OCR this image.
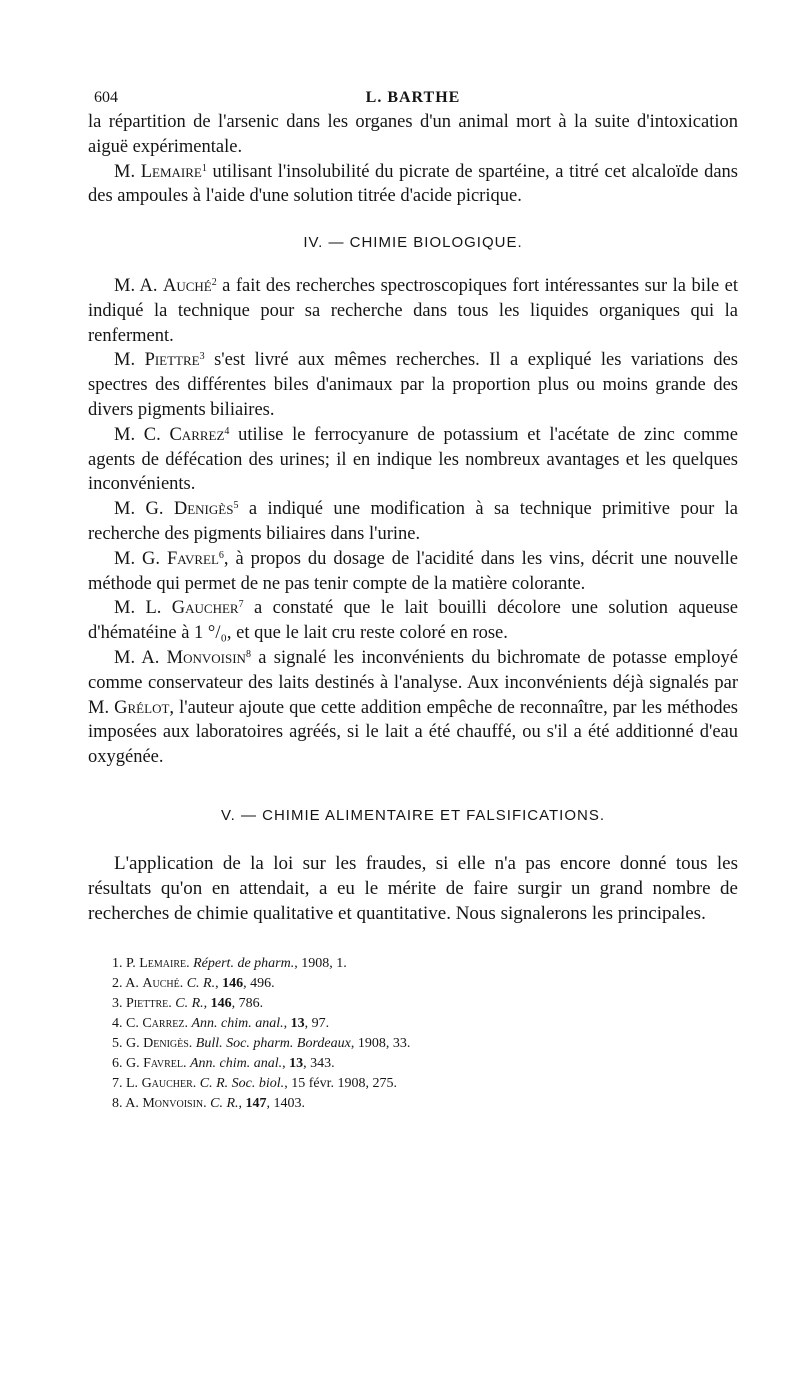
604	L. BARTHE

la répartition de l'arsenic dans les organes d'un animal mort à la suite d'intoxication aiguë expérimentale.

M. Lemaire$^1$ utilisant l'insolubilité du picrate de spartéine, a titré cet alcaloïde dans des ampoules à l'aide d'une solution titrée d'acide picrique.

IV. — CHIMIE BIOLOGIQUE.

M. A. Auché$^2$ a fait des recherches spectroscopiques fort intéressantes sur la bile et indiqué la technique pour sa recherche dans tous les liquides organiques qui la renferment.

M. Piettre$^3$ s'est livré aux mêmes recherches. Il a expliqué les variations des spectres des différentes biles d'animaux par la proportion plus ou moins grande des divers pigments biliaires.

M. C. Carrez$^4$ utilise le ferrocyanure de potassium et l'acétate de zinc comme agents de défécation des urines; il en indique les nombreux avantages et les quelques inconvénients.

M. G. Denigès$^5$ a indiqué une modification à sa technique primitive pour la recherche des pigments biliaires dans l'urine.

M. G. Favrel$^6$, à propos du dosage de l'acidité dans les vins, décrit une nouvelle méthode qui permet de ne pas tenir compte de la matière colorante.

M. L. Gaucher$^7$ a constaté que le lait bouilli décolore une solution aqueuse d'hématéine à 1 °/₀, et que le lait cru reste coloré en rose.

M. A. Monvoisin$^8$ a signalé les inconvénients du bichromate de potasse employé comme conservateur des laits destinés à l'analyse. Aux inconvénients déjà signalés par M. Grélot, l'auteur ajoute que cette addition empêche de reconnaître, par les méthodes imposées aux laboratoires agréés, si le lait a été chauffé, ou s'il a été additionné d'eau oxygénée.

V. — CHIMIE ALIMENTAIRE ET FALSIFICATIONS.

L'application de la loi sur les fraudes, si elle n'a pas encore donné tous les résultats qu'on en attendait, a eu le mérite de faire surgir un grand nombre de recherches de chimie qualitative et quantitative. Nous signalerons les principales.

1. P. Lemaire. Répert. de pharm., 1908, 1.
2. A. Auché. C. R., 146, 496.
3. Piettre. C. R., 146, 786.
4. C. Carrez. Ann. chim. anal., 13, 97.
5. G. Denigès. Bull. Soc. pharm. Bordeaux, 1908, 33.
6. G. Favrel. Ann. chim. anal., 13, 343.
7. L. Gaucher. C. R. Soc. biol., 15 févr. 1908, 275.
8. A. Monvoisin. C. R., 147, 1403.
